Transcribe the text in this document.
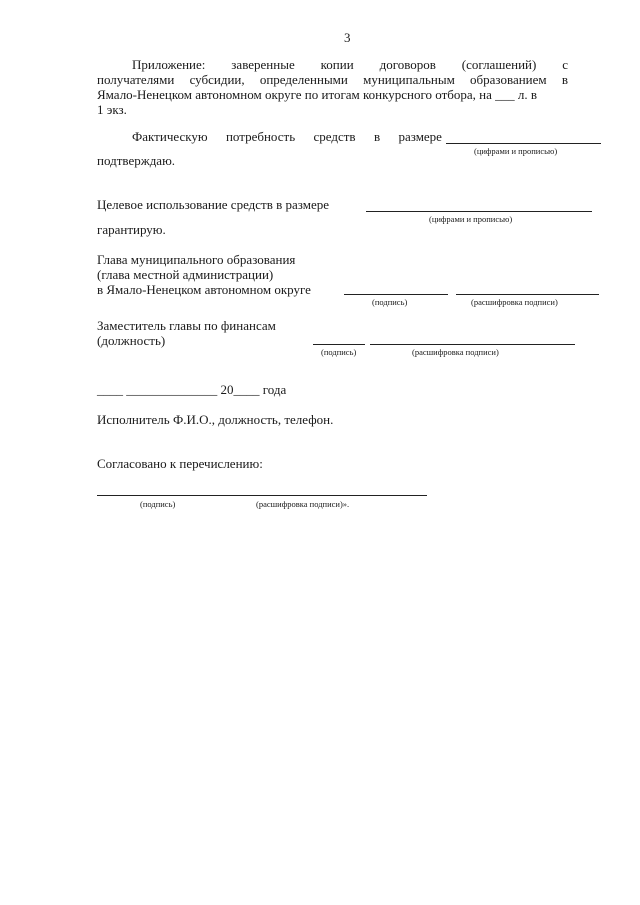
3
Приложение: заверенные копии договоров (соглашений) с
получателями субсидии, определенными муниципальным образованием в
Ямало-Ненецком автономном округе по итогам конкурсного отбора, на ___ л. в
1 экз.
Фактическую потребность средств в размере
(цифрами и прописью)
подтверждаю.
Целевое использование средств в размере
(цифрами и прописью)
гарантирую.
Глава муниципального образования
(глава местной администрации)
в Ямало-Ненецком автономном округе
(подпись)	(расшифровка подписи)
Заместитель главы по финансам
(должность)
(подпись)	(расшифровка подписи)
____ ______________ 20____ года
Исполнитель Ф.И.О., должность, телефон.
Согласовано к перечислению:
(подпись)	(расшифровка подписи)».
